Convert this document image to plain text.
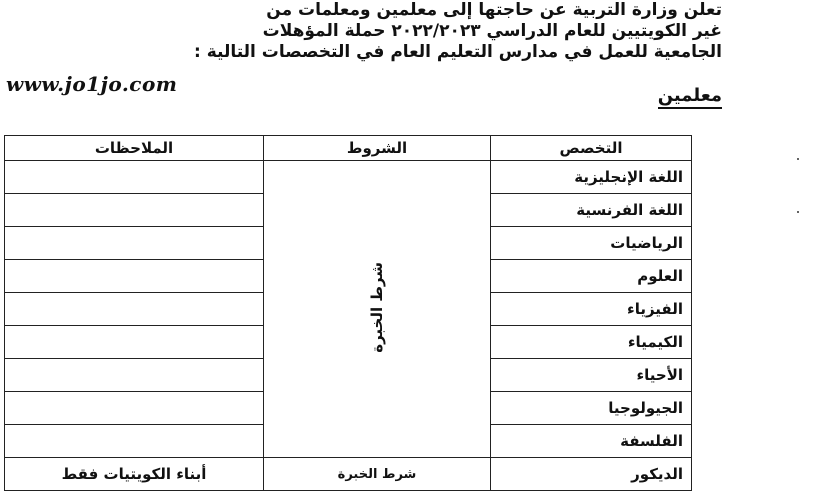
تعلن وزارة التربية عن حاجتها إلى معلمين ومعلمات من
غير الكويتيين للعام الدراسي ٢٠٢٢/٢٠٢٣ حملة المؤهلات
الجامعية للعمل في مدارس التعليم العام في التخصصات التالية :
www.jo1jo.com	معلمين
التخصص	الشروط	الملاحظات
اللغة الإنجليزية	شرط الخبرة	
اللغة الفرنسية		
الرياضيات		
العلوم		
الفيزياء		
الكيمياء		
الأحياء		
الجيولوجيا		
الفلسفة		
الديكور	شرط الخبرة	أبناء الكويتيات فقط
